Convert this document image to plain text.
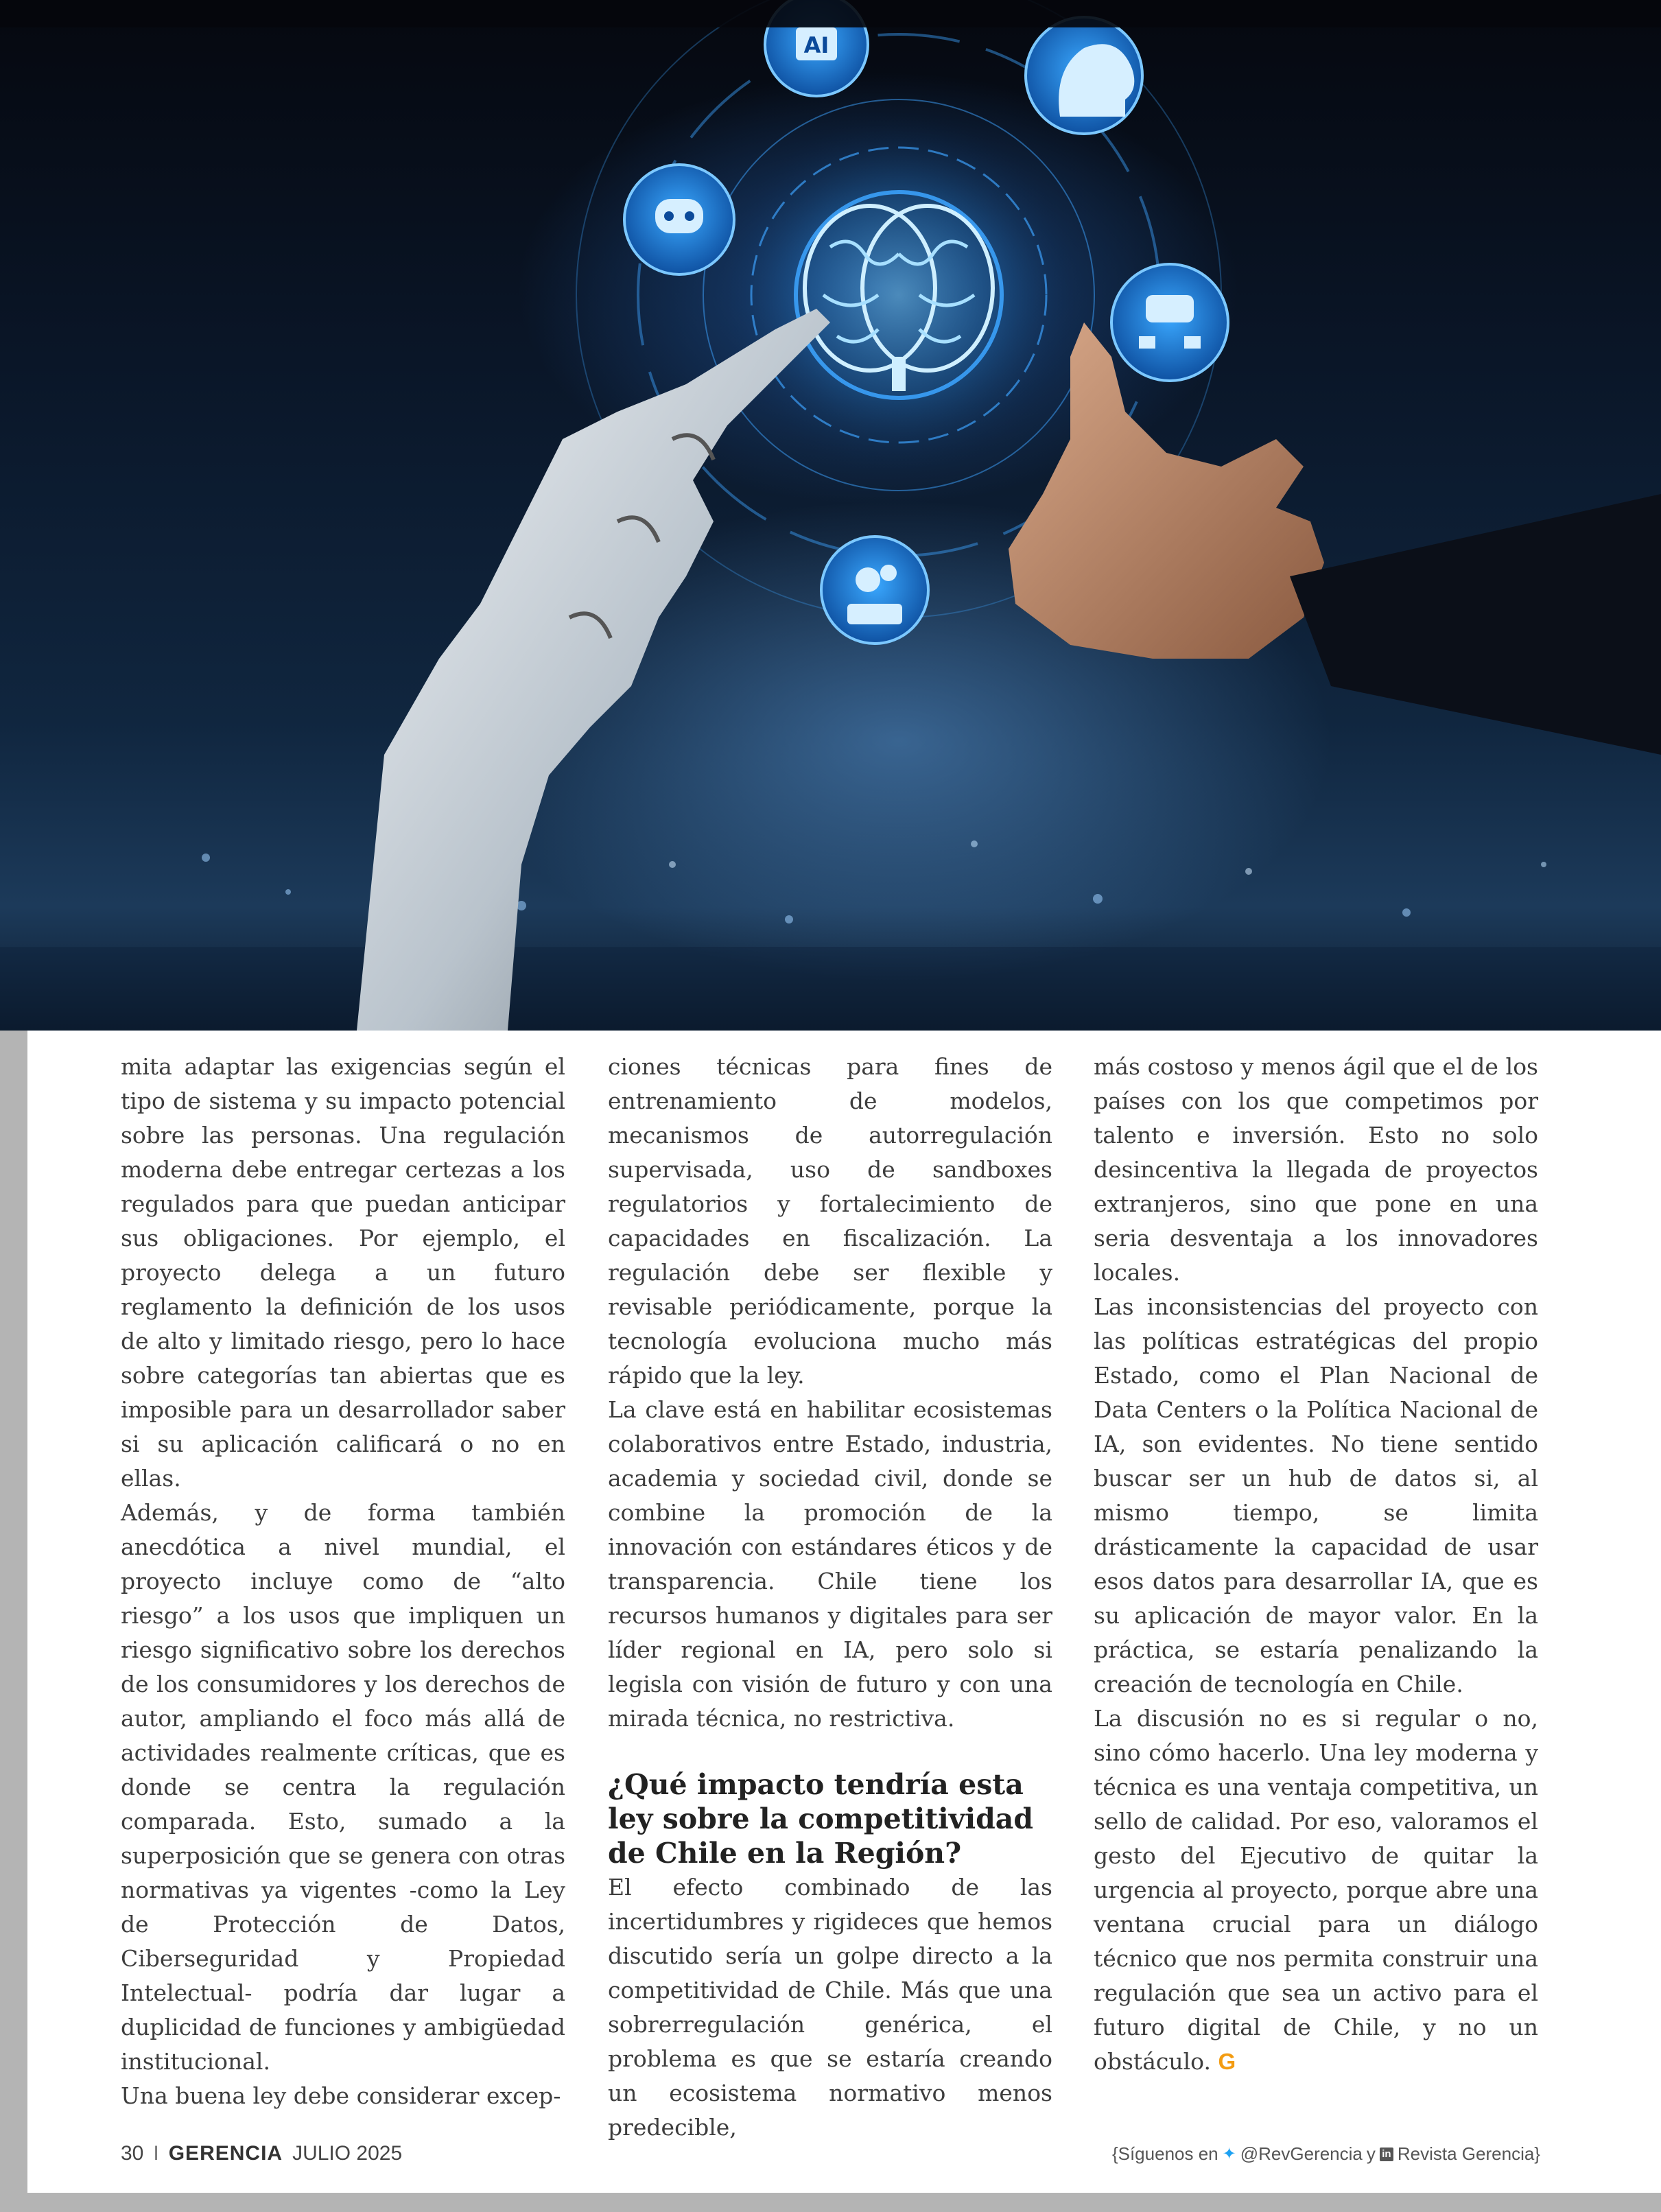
AI

mita adaptar las exigencias según el tipo de sistema y su impacto potencial sobre las personas. Una regulación moderna debe entregar certezas a los regulados para que puedan anticipar sus obligaciones. Por ejemplo, el proyecto delega a un futuro reglamento la definición de los usos de alto y limitado riesgo, pero lo hace sobre categorías tan abiertas que es imposible para un desarrollador saber si su aplicación calificará o no en ellas.

Además, y de forma también anecdótica a nivel mundial, el proyecto incluye como de “alto riesgo” a los usos que impliquen un riesgo significativo sobre los derechos de los consumidores y los derechos de autor, ampliando el foco más allá de actividades realmente críticas, que es donde se centra la regulación comparada. Esto, sumado a la superposición que se genera con otras normativas ya vigentes -como la Ley de Protección de Datos, Ciberseguridad y Propiedad Intelectual- podría dar lugar a duplicidad de funciones y ambigüedad institucional.

Una buena ley debe considerar excep-

ciones técnicas para fines de entrenamiento de modelos, mecanismos de autorregulación supervisada, uso de sandboxes regulatorios y fortalecimiento de capacidades en fiscalización. La regulación debe ser flexible y revisable periódicamente, porque la tecnología evoluciona mucho más rápido que la ley.

La clave está en habilitar ecosistemas colaborativos entre Estado, industria, academia y sociedad civil, donde se combine la promoción de la innovación con estándares éticos y de transparencia. Chile tiene los recursos humanos y digitales para ser líder regional en IA, pero solo si legisla con visión de futuro y con una mirada técnica, no restrictiva.

¿Qué impacto tendría esta ley sobre la competitividad de Chile en la Región?

El efecto combinado de las incertidumbres y rigideces que hemos discutido sería un golpe directo a la competitividad de Chile. Más que una sobrerregulación genérica, el problema es que se estaría creando un ecosistema normativo menos predecible,

más costoso y menos ágil que el de los países con los que competimos por talento e inversión. Esto no solo desincentiva la llegada de proyectos extranjeros, sino que pone en una seria desventaja a los innovadores locales.

Las inconsistencias del proyecto con las políticas estratégicas del propio Estado, como el Plan Nacional de Data Centers o la Política Nacional de IA, son evidentes. No tiene sentido buscar ser un hub de datos si, al mismo tiempo, se limita drásticamente la capacidad de usar esos datos para desarrollar IA, que es su aplicación de mayor valor. En la práctica, se estaría penalizando la creación de tecnología en Chile.

La discusión no es si regular o no, sino cómo hacerlo. Una ley moderna y técnica es una ventaja competitiva, un sello de calidad. Por eso, valoramos el gesto del Ejecutivo de quitar la urgencia al proyecto, porque abre una ventana crucial para un diálogo técnico que nos permita construir una regulación que sea un activo para el futuro digital de Chile, y no un obstáculo. G

30 I GERENCIA JULIO 2025	{Síguenos en ✦ @RevGerencia y in Revista Gerencia}
